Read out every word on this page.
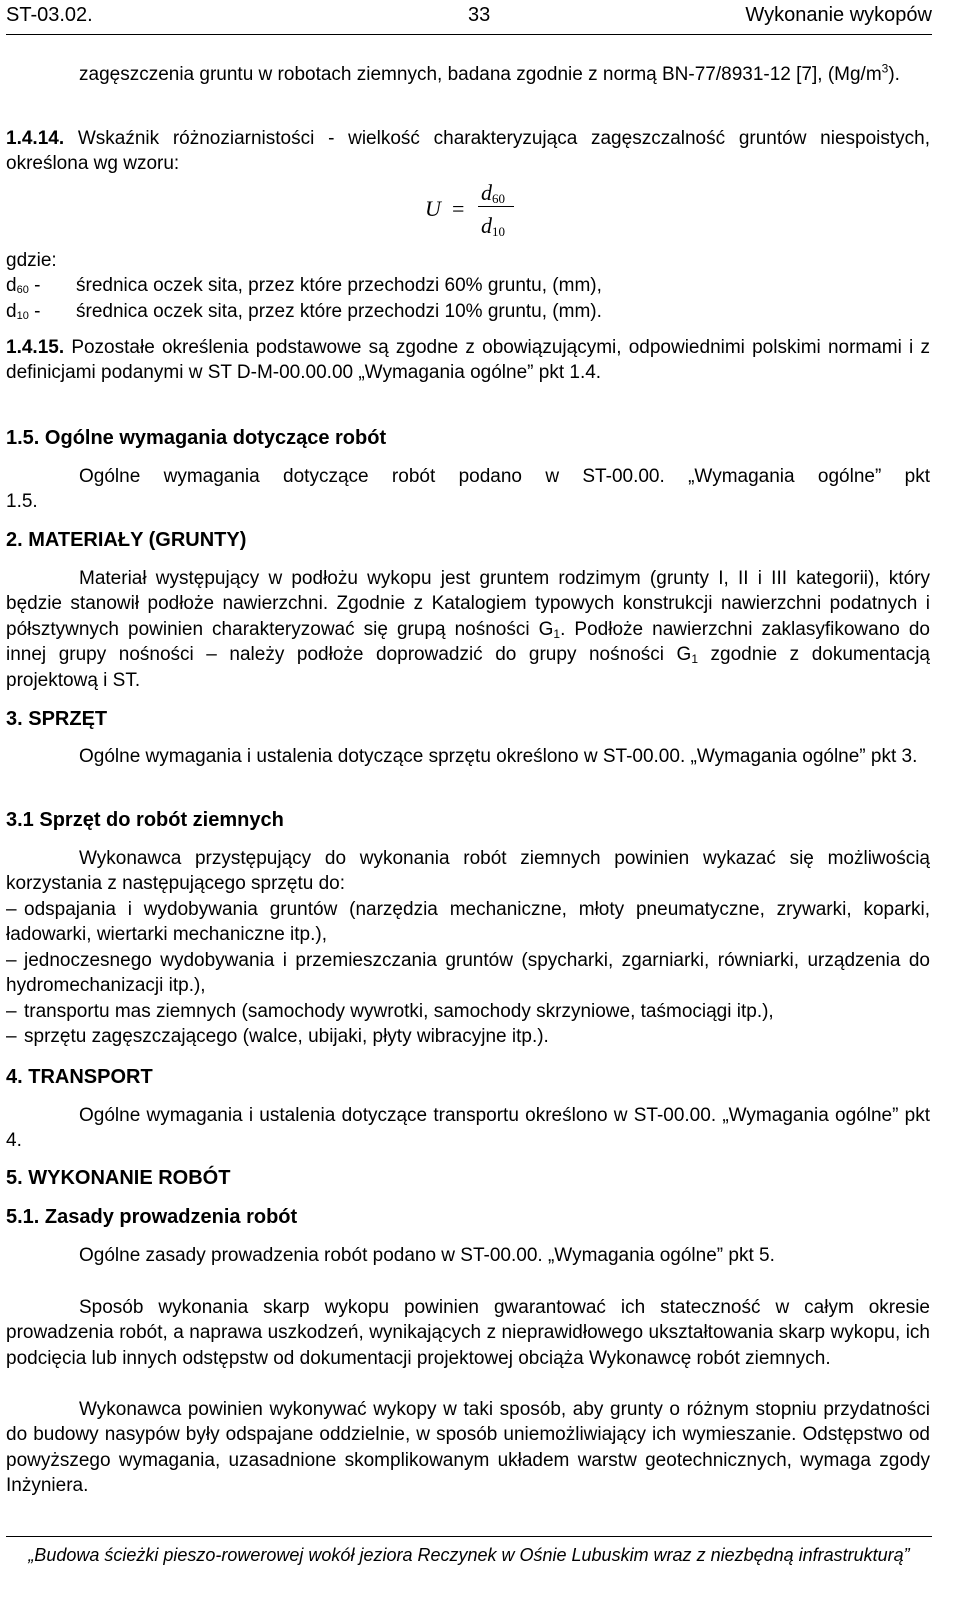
ST-03.02.	33	Wykonanie wykopów
zagęszczenia gruntu w robotach ziemnych, badana zgodnie z normą BN-77/8931-12 [7], $(Mg/m^3)$.
1.4.14. Wskaźnik różnoziarnistości - wielkość charakteryzująca zagęszczalność gruntów niespoistych, określona wg wzoru:
U =
$d_{60}$
$d_{10}$
gdzie:
$d_{60}$ - średnica oczek sita, przez które przechodzi 60% gruntu, (mm),
$d_{10}$ - średnica oczek sita, przez które przechodzi 10% gruntu, (mm).
1.4.15. Pozostałe określenia podstawowe są zgodne z obowiązującymi, odpowiednimi polskimi normami i z definicjami podanymi w ST D-M-00.00.00 „Wymagania ogólne” pkt 1.4.
1.5. Ogólne wymagania dotyczące robót
Ogólne wymagania dotyczące robót podano w ST-00.00. „Wymagania ogólne” pkt
1.5.
2. MATERIAŁY (GRUNTY)
Materiał występujący w podłożu wykopu jest gruntem rodzimym (grunty I, II i III kategorii), który będzie stanowił podłoże nawierzchni. Zgodnie z Katalogiem typowych konstrukcji nawierzchni podatnych i półsztywnych powinien charakteryzować się grupą nośności $G_1$. Podłoże nawierzchni zaklasyfikowano do innej grupy nośności – należy podłoże doprowadzić do grupy nośności $G_1$ zgodnie z dokumentacją projektową i ST.
3. SPRZĘT
Ogólne wymagania i ustalenia dotyczące sprzętu określono w ST-00.00. „Wymagania ogólne” pkt 3.
3.1 Sprzęt do robót ziemnych
Wykonawca przystępujący do wykonania robót ziemnych powinien wykazać się możliwością korzystania z następującego sprzętu do:
– odspajania i wydobywania gruntów (narzędzia mechaniczne, młoty pneumatyczne, zrywarki, koparki, ładowarki, wiertarki mechaniczne itp.),
– jednoczesnego wydobywania i przemieszczania gruntów (spycharki, zgarniarki, równiarki, urządzenia do hydromechanizacji itp.),
– transportu mas ziemnych (samochody wywrotki, samochody skrzyniowe, taśmociągi itp.),
– sprzętu zagęszczającego (walce, ubijaki, płyty wibracyjne itp.).
4. TRANSPORT
Ogólne wymagania i ustalenia dotyczące transportu określono w ST-00.00. „Wymagania ogólne” pkt 4.
5. WYKONANIE ROBÓT
5.1. Zasady prowadzenia robót
Ogólne zasady prowadzenia robót podano w ST-00.00. „Wymagania ogólne” pkt 5.
Sposób wykonania skarp wykopu powinien gwarantować ich stateczność w całym okresie prowadzenia robót, a naprawa uszkodzeń, wynikających z nieprawidłowego ukształtowania skarp wykopu, ich podcięcia lub innych odstępstw od dokumentacji projektowej obciąża Wykonawcę robót ziemnych.
Wykonawca powinien wykonywać wykopy w taki sposób, aby grunty o różnym stopniu przydatności do budowy nasypów były odspajane oddzielnie, w sposób uniemożliwiający ich wymieszanie. Odstępstwo od powyższego wymagania, uzasadnione skomplikowanym układem warstw geotechnicznych, wymaga zgody Inżyniera.
„Budowa ścieżki pieszo-rowerowej wokół jeziora Reczynek w Ośnie Lubuskim wraz z niezbędną infrastrukturą”
